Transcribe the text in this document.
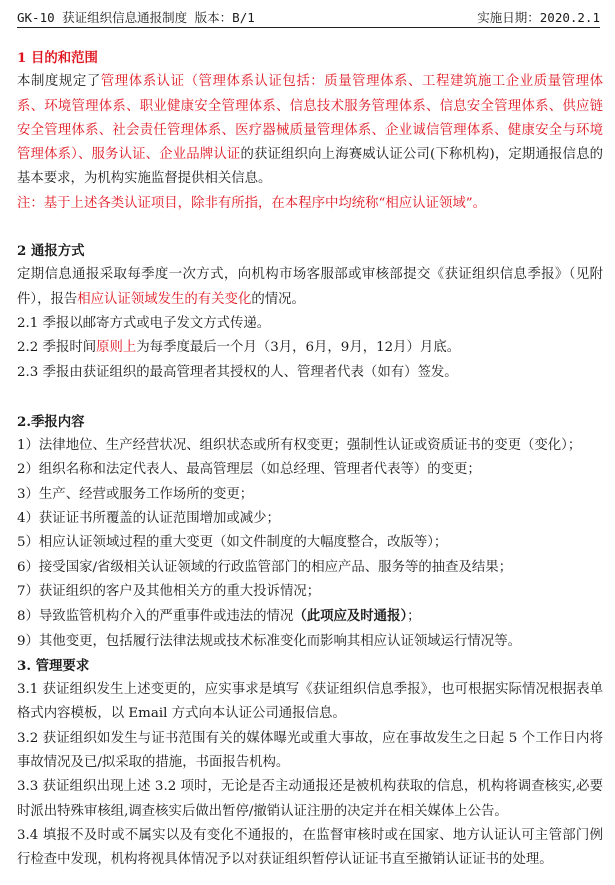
GK-10 获证组织信息通报制度 版本：B/1	实施日期：2020.2.1

1 目的和范围

本制度规定了管理体系认证（管理体系认证包括：质量管理体系、工程建筑施工企业质量管理体系、环境管理体系、职业健康安全管理体系、信息技术服务管理体系、信息安全管理体系、供应链安全管理体系、社会责任管理体系、医疗器械质量管理体系、企业诚信管理体系、健康安全与环境管理体系）、服务认证、企业品牌认证的获证组织向上海赛威认证公司(下称机构)，定期通报信息的基本要求，为机构实施监督提供相关信息。

注：基于上述各类认证项目，除非有所指，在本程序中均统称“相应认证领域”。

2 通报方式

定期信息通报采取每季度一次方式，向机构市场客服部或审核部提交《获证组织信息季报》（见附件），报告相应认证领域发生的有关变化的情况。

2.1 季报以邮寄方式或电子发文方式传递。

2.2 季报时间原则上为每季度最后一个月（3月，6月，9月，12月）月底。

2.3 季报由获证组织的最高管理者其授权的人、管理者代表（如有）签发。

2.季报内容

1）法律地位、生产经营状况、组织状态或所有权变更；强制性认证或资质证书的变更（变化）；

2）组织名称和法定代表人、最高管理层（如总经理、管理者代表等）的变更；

3）生产、经营或服务工作场所的变更；

4）获证证书所覆盖的认证范围增加或减少；

5）相应认证领域过程的重大变更（如文件制度的大幅度整合，改版等）；

6）接受国家/省级相关认证领域的行政监管部门的相应产品、服务等的抽查及结果；

7）获证组织的客户及其他相关方的重大投诉情况；

8）导致监管机构介入的严重事件或违法的情况（此项应及时通报）；

9）其他变更，包括履行法律法规或技术标准变化而影响其相应认证领域运行情况等。

3. 管理要求

3.1 获证组织发生上述变更的，应实事求是填写《获证组织信息季报》，也可根据实际情况根据表单格式内容模板，以 Email 方式向本认证公司通报信息。

3.2 获证组织如发生与证书范围有关的媒体曝光或重大事故，应在事故发生之日起 5 个工作日内将事故情况及已/拟采取的措施，书面报告机构。

3.3 获证组织出现上述 3.2 项时，无论是否主动通报还是被机构获取的信息，机构将调查核实,必要时派出特殊审核组,调查核实后做出暂停/撤销认证注册的决定并在相关媒体上公告。

3.4 填报不及时或不属实以及有变化不通报的，在监督审核时或在国家、地方认证认可主管部门例行检查中发现，机构将视具体情况予以对获证组织暂停认证证书直至撤销认证证书的处理。
